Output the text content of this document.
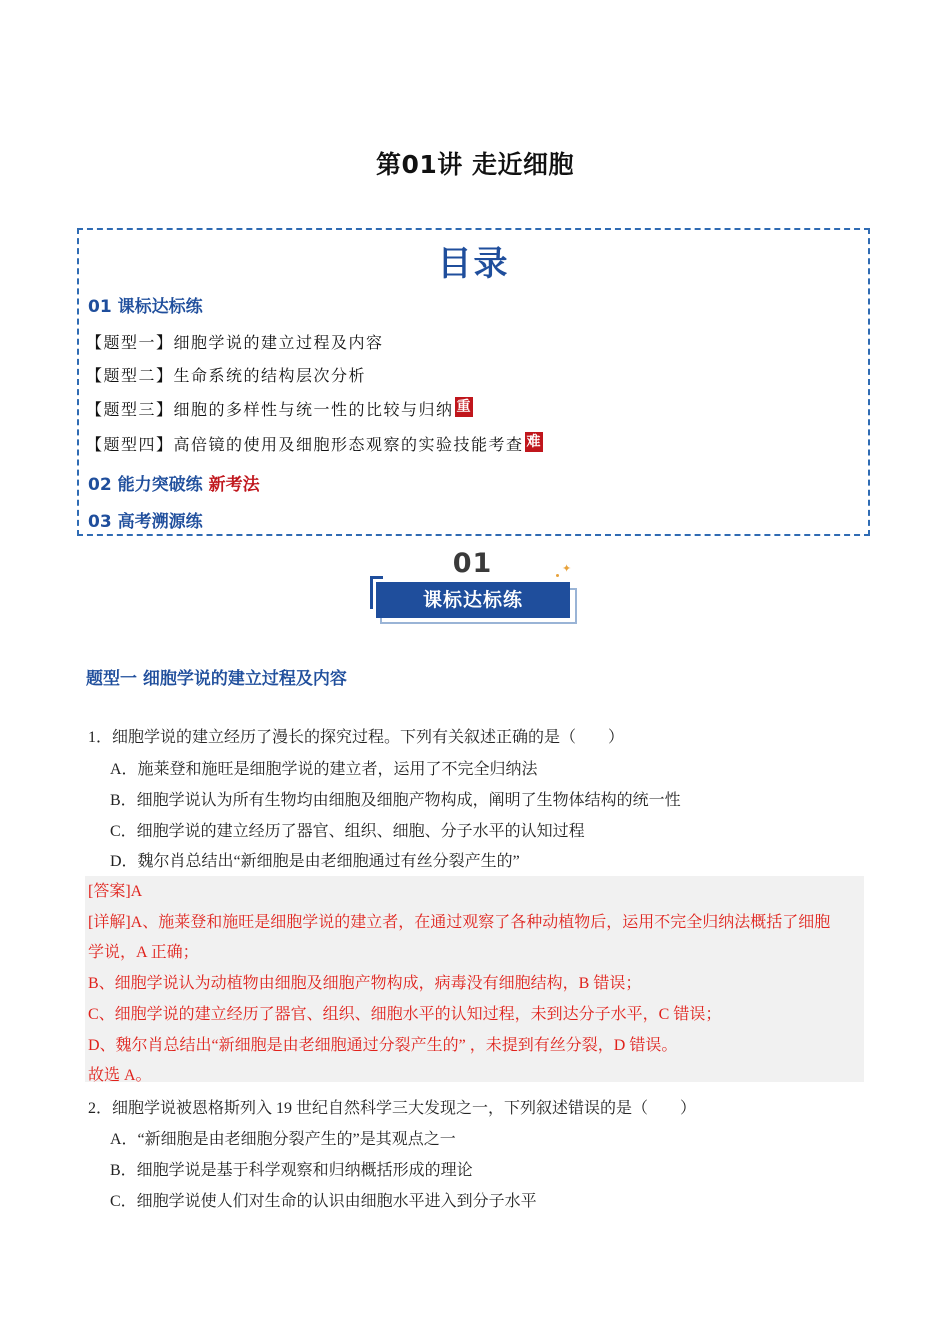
第01讲 走近细胞
目录
01 课标达标练
【题型一】细胞学说的建立过程及内容
【题型二】生命系统的结构层次分析
【题型三】细胞的多样性与统一性的比较与归纳 重
【题型四】高倍镜的使用及细胞形态观察的实验技能考查 难
02 能力突破练 新考法
03 高考溯源练
01
课标达标练
✦
题型一 细胞学说的建立过程及内容
1．细胞学说的建立经历了漫长的探究过程。下列有关叙述正确的是（　　）
A．施莱登和施旺是细胞学说的建立者，运用了不完全归纳法
B．细胞学说认为所有生物均由细胞及细胞产物构成，阐明了生物体结构的统一性
C．细胞学说的建立经历了器官、组织、细胞、分子水平的认知过程
D．魏尔肖总结出“新细胞是由老细胞通过有丝分裂产生的”
[答案]A
[详解]A、施莱登和施旺是细胞学说的建立者，在通过观察了各种动植物后，运用不完全归纳法概括了细胞
学说，A 正确；
B、细胞学说认为动植物由细胞及细胞产物构成，病毒没有细胞结构，B 错误；
C、细胞学说的建立经历了器官、组织、细胞水平的认知过程，未到达分子水平，C 错误；
D、魏尔肖总结出“新细胞是由老细胞通过分裂产生的” ，未提到有丝分裂，D 错误。
故选 A。
2．细胞学说被恩格斯列入 19 世纪自然科学三大发现之一，下列叙述错误的是（　　）
A．“新细胞是由老细胞分裂产生的”是其观点之一
B．细胞学说是基于科学观察和归纳概括形成的理论
C．细胞学说使人们对生命的认识由细胞水平进入到分子水平
